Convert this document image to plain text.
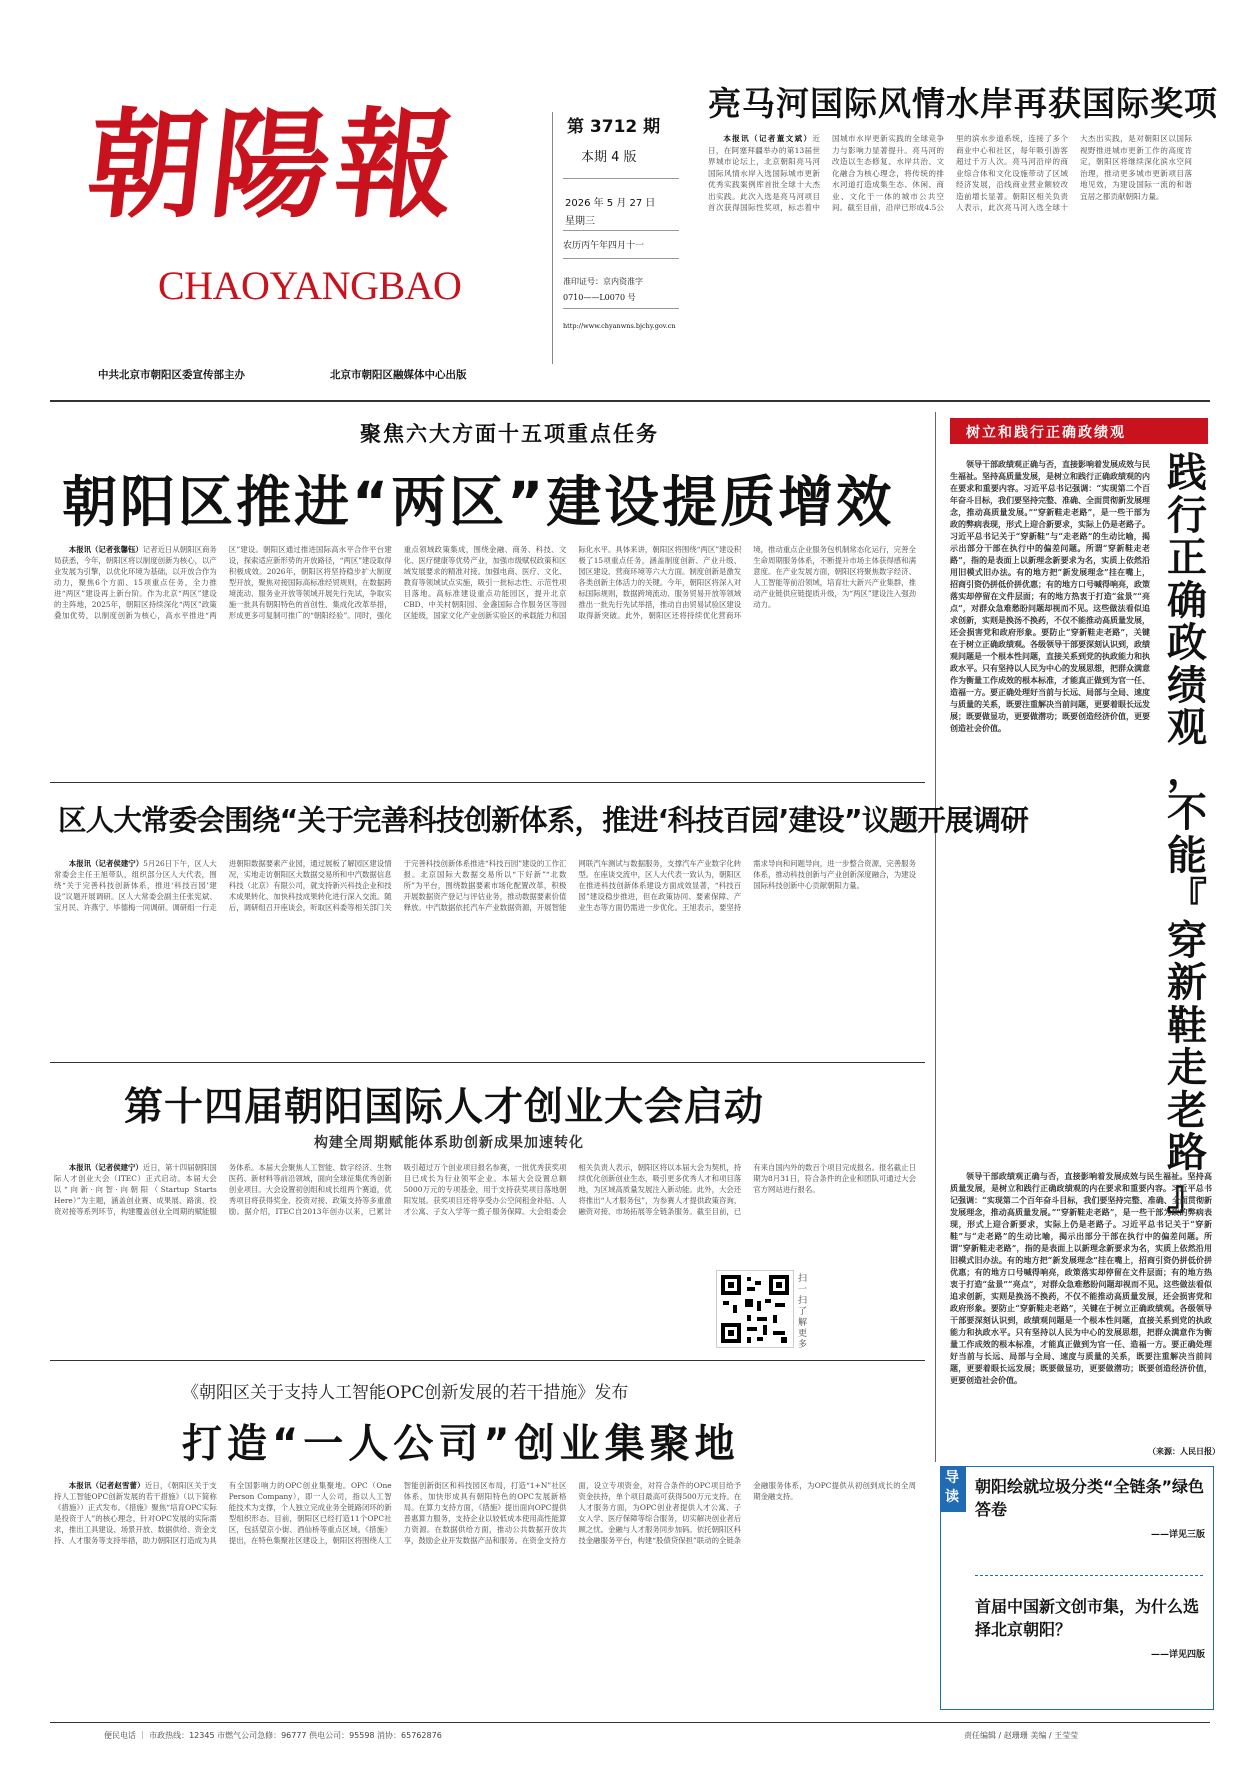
朝陽報
CHAOYANGBAO
第 3712 期
本期 4 版
2026 年 5 月 27 日
星期三
农历丙午年四月十一
准印证号：京内资准字
0710——L0070 号
http://www.chyanwns.bjchy.gov.cn
中共北京市朝阳区委宣传部主办	北京市朝阳区融媒体中心出版
亮马河国际风情水岸再获国际奖项

本报讯（记者董文斌）近日，在阿塞拜疆举办的第13届世界城市论坛上，北京朝阳亮马河国际风情水岸入选国际城市更新优秀实践案例库首批全球十大杰出实践。此次入选是亮马河项目首次获得国际性奖项，标志着中国城市水岸更新实践的全球竞争力与影响力显著提升。亮马河的改造以生态修复、水岸共治、文化融合为核心理念，将传统的排水河道打造成集生态、休闲、商业、文化于一体的城市公共空间。截至目前，沿岸已形成4.5公里的滨水步道系统，连接了多个商业中心和社区，每年吸引游客超过千万人次。亮马河沿岸的商业综合体和文化设施带动了区域经济发展，沿线商业营业额较改造前增长显著。朝阳区相关负责人表示，此次亮马河入选全球十大杰出实践，是对朝阳区以国际视野推进城市更新工作的高度肯定，朝阳区将继续深化滨水空间治理，推动更多城市更新项目落地见效，为建设国际一流的和谐宜居之都贡献朝阳力量。

聚焦六大方面十五项重点任务
朝阳区推进“两区”建设提质增效

本报讯（记者张馨钰）记者近日从朝阳区商务局获悉，今年，朝阳区将以制度创新为核心，以产业发展为引擎，以优化环境为基础，以开放合作为动力，聚焦6个方面、15项重点任务，全力推进“两区”建设再上新台阶。作为北京“两区”建设的主阵地，2025年，朝阳区持续深化“两区”政策叠加优势，以制度创新为核心，高水平推进“两区”建设。朝阳区通过推进国际高水平合作平台建设，探索适应新形势的开放路径，“两区”建设取得积极成效。2026年，朝阳区将坚持稳步扩大制度型开放，聚焦对接国际高标准经贸规则，在数据跨境流动、服务业开放等领域开展先行先试，争取实施一批具有朝阳特色的首创性、集成化改革举措，形成更多可复制可推广的“朝阳经验”。同时，强化重点领域政策集成，围绕金融、商务、科技、文化、医疗健康等优势产业，加强市级赋权政策和区域发展要求的精准对接。加强电商、医疗、文化、教育等领域试点实施，吸引一批标志性、示范性项目落地。高标准建设重点功能园区，提升北京CBD、中关村朝阳园、金盏国际合作服务区等园区能级，国家文化产业创新实验区的承载能力和国际化水平。具体来讲，朝阳区将围绕“两区”建设积极了15项重点任务，涵盖制度创新、产业升级、园区建设、营商环境等六大方面。制度创新是激发各类创新主体活力的关键。今年，朝阳区将深入对标国际规则，数据跨境流动、服务贸易开放等领域推出一批先行先试举措，推动自由贸易试验区建设取得新突破。此外，朝阳区还将持续优化营商环境，推动重点企业服务包机制常态化运行，完善全生命周期服务体系，不断提升市场主体获得感和满意度。在产业发展方面，朝阳区将聚焦数字经济、人工智能等前沿领域，培育壮大新兴产业集群，推动产业链供应链提质升级，为“两区”建设注入强劲动力。

树立和践行正确政绩观
践
行
正
确
政
绩
观
，
不
能
『
穿
新
鞋
走
老
路
』

领导干部政绩观正确与否，直接影响着发展成效与民生福祉。坚持高质量发展，是树立和践行正确政绩观的内在要求和重要内容。习近平总书记强调：“实现第二个百年奋斗目标，我们要坚持完整、准确、全面贯彻新发展理念，推动高质量发展。”“穿新鞋走老路”，是一些干部为政的弊病表现，形式上迎合新要求，实际上仍是老路子。习近平总书记关于“穿新鞋”与“走老路”的生动比喻，揭示出部分干部在执行中的偏差问题。所谓“穿新鞋走老路”，指的是表面上以新理念新要求为名，实质上依然沿用旧模式旧办法。有的地方把“新发展理念”挂在嘴上，招商引资仍拼低价拼优惠；有的地方口号喊得响亮，政策落实却停留在文件层面；有的地方热衷于打造“盆景”“亮点”，对群众急难愁盼问题却视而不见。这些做法看似追求创新，实则是换汤不换药，不仅不能推动高质量发展，还会损害党和政府形象。要防止“穿新鞋走老路”，关键在于树立正确政绩观。各级领导干部要深刻认识到，政绩观问题是一个根本性问题，直接关系到党的执政能力和执政水平。只有坚持以人民为中心的发展思想，把群众满意作为衡量工作成效的根本标准，才能真正做到为官一任、造福一方。要正确处理好当前与长远、局部与全局、速度与质量的关系，既要注重解决当前问题，更要着眼长远发展；既要做显功，更要做潜功；既要创造经济价值，更要创造社会价值。

领导干部政绩观正确与否，直接影响着发展成效与民生福祉。坚持高质量发展，是树立和践行正确政绩观的内在要求和重要内容。习近平总书记强调：“实现第二个百年奋斗目标，我们要坚持完整、准确、全面贯彻新发展理念，推动高质量发展。”“穿新鞋走老路”，是一些干部为政的弊病表现，形式上迎合新要求，实际上仍是老路子。习近平总书记关于“穿新鞋”与“走老路”的生动比喻，揭示出部分干部在执行中的偏差问题。所谓“穿新鞋走老路”，指的是表面上以新理念新要求为名，实质上依然沿用旧模式旧办法。有的地方把“新发展理念”挂在嘴上，招商引资仍拼低价拼优惠；有的地方口号喊得响亮，政策落实却停留在文件层面；有的地方热衷于打造“盆景”“亮点”，对群众急难愁盼问题却视而不见。这些做法看似追求创新，实则是换汤不换药，不仅不能推动高质量发展，还会损害党和政府形象。要防止“穿新鞋走老路”，关键在于树立正确政绩观。各级领导干部要深刻认识到，政绩观问题是一个根本性问题，直接关系到党的执政能力和执政水平。只有坚持以人民为中心的发展思想，把群众满意作为衡量工作成效的根本标准，才能真正做到为官一任、造福一方。要正确处理好当前与长远、局部与全局、速度与质量的关系，既要注重解决当前问题，更要着眼长远发展；既要做显功，更要做潜功；既要创造经济价值，更要创造社会价值。

（来源：人民日报）
区人大常委会围绕“关于完善科技创新体系，推进‘科技百园’建设”议题开展调研

本报讯（记者侯建宁）5月26日下午，区人大常委会主任王旭带队，组织部分区人大代表，围绕“关于完善科技创新体系，推进‘科技百园’建设”议题开展调研。区人大常委会副主任张宪斌、宝月民、许燕宁、毕德梅一同调研。调研组一行走进朝阳数据要素产业园，通过展板了解园区建设情况，实地走访朝阳区大数据交易所和中汽数据信息科技（北京）有限公司，就支持新兴科技企业和技术成果转化、加快科技成果转化进行深入交流。随后，调研组召开座谈会，听取区科委等相关部门关于完善科技创新体系推进“科技百园”建设的工作汇报。北京国际大数据交易所以“下好新”“北数所”为平台，围绕数据要素市场化配置改革，积极开展数据资产登记与评估业务，推动数据要素价值释放。中汽数据依托汽车产业数据资源，开展智能网联汽车测试与数据服务，支撑汽车产业数字化转型。在座谈交流中，区人大代表一致认为，朝阳区在推进科技创新体系建设方面成效显著，“科技百园”建设稳步推进，但在政策协同、要素保障、产业生态等方面仍需进一步优化。王旭表示，要坚持需求导向和问题导向，进一步整合资源，完善服务体系，推动科技创新与产业创新深度融合，为建设国际科技创新中心贡献朝阳力量。

第十四届朝阳国际人才创业大会启动
构建全周期赋能体系助创新成果加速转化

本报讯（记者侯建宁）近日，第十四届朝阳国际人才创业大会（ITEC）正式启动。本届大会以“向新·向智·向朝阳（Startup Starts Here）”为主题，涵盖创业赛、成果展、路演、投资对接等系列环节，构建覆盖创业全周期的赋能服务体系。本届大会聚焦人工智能、数字经济、生物医药、新材料等前沿领域，面向全球征集优秀创新创业项目。大会设置初创组和成长组两个赛道，优秀项目将获得奖金、投资对接、政策支持等多重激励。据介绍，ITEC自2013年创办以来，已累计吸引超过万个创业项目报名参赛，一批优秀获奖项目已成长为行业领军企业。本届大会设置总额5000万元的专项基金，用于支持获奖项目落地朝阳发展。获奖项目还将享受办公空间租金补贴、人才公寓、子女入学等一揽子服务保障。大会组委会相关负责人表示，朝阳区将以本届大会为契机，持续优化创新创业生态，吸引更多优秀人才和项目落地，为区域高质量发展注入新动能。此外，大会还将推出“人才服务包”，为参赛人才提供政策咨询、融资对接、市场拓展等全链条服务。截至目前，已有来自国内外的数百个项目完成报名。报名截止日期为8月31日，符合条件的企业和团队可通过大会官方网站进行报名。

扫一扫了解更多
《朝阳区关于支持人工智能OPC创新发展的若干措施》发布
打造“一人公司”创业集聚地

本报讯（记者赵雪蕾）近日，《朝阳区关于支持人工智能OPC创新发展的若干措施》（以下简称《措施》）正式发布。《措施》聚焦“培育OPC实际是投资于人”的核心理念，针对OPC发展的实际需求，推出工具建设、场景开放、数据供给、资金支持、人才服务等支持举措，助力朝阳区打造成为具有全国影响力的OPC创业集聚地。OPC（One Person Company），即一人公司，指以人工智能技术为支撑，个人独立完成业务全链路闭环的新型组织形态。目前，朝阳区已经打造11个OPC社区，包括望京小街、酒仙桥等重点区域。《措施》提出，在特色集聚社区建设上，朝阳区将围绕人工智能创新街区和科技园区布局，打造“1+N”社区体系，加快形成具有朝阳特色的OPC发展新格局。在算力支持方面，《措施》提出面向OPC提供普惠算力服务，支持企业以较低成本使用高性能算力资源。在数据供给方面，推动公共数据开放共享，鼓励企业开发数据产品和服务。在资金支持方面，设立专项资金，对符合条件的OPC项目给予资金扶持，单个项目最高可获得500万元支持。在人才服务方面，为OPC创业者提供人才公寓、子女入学、医疗保障等综合服务，切实解决创业者后顾之忧。金融与人才服务同步加码。依托朝阳区科技金融服务平台，构建“股债贷保担”联动的全链条金融服务体系，为OPC提供从初创到成长的全周期金融支持。

导读
朝阳绘就垃圾分类“全链条”绿色答卷
——详见三版
首届中国新文创市集，为什么选择北京朝阳？
——详见四版
便民电话 ｜ 市政热线：12345 市燃气公司急修：96777 供电公司：95598 消协：65762876	责任编辑 / 赵珊珊 美编 / 王莹莹
